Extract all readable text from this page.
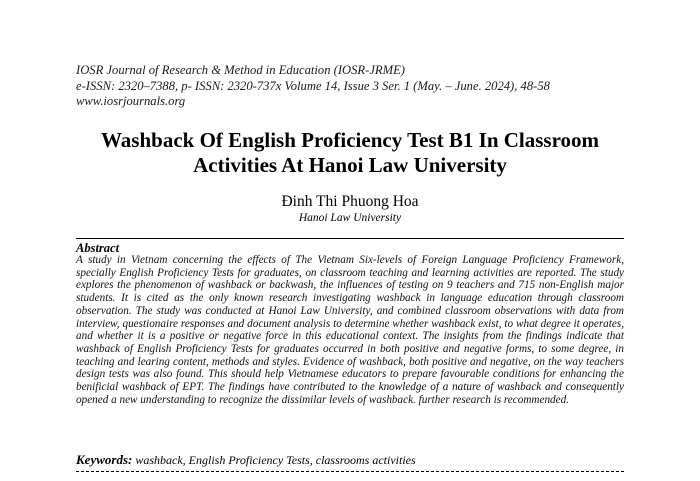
IOSR Journal of Research & Method in Education (IOSR-JRME)
e-ISSN: 2320–7388, p- ISSN: 2320-737x Volume 14, Issue 3 Ser. 1 (May. – June. 2024), 48-58
www.iosrjournals.org
Washback Of English Proficiency Test B1 In Classroom
Activities At Hanoi Law University
Đinh Thi Phuong Hoa
Hanoi Law University
Abstract
A study in Vietnam concerning the effects of The Vietnam Six-levels of Foreign Language Proficiency Framework, specially English Proficiency Tests for graduates, on classroom teaching and learning activities are reported. The study explores the phenomenon of washback or backwash, the influences of testing on 9 teachers and 715 non-English major students. It is cited as the only known research investigating washback in language education through classroom observation. The study was conducted at Hanoi Law University, and combined classroom observations with data from interview, questionaire responses and document analysis to determine whether washback exist, to what degree it operates, and whether it is a positive or negative force in this educational context. The insights from the findings indicate that washback of English Proficiency Tests for graduates occurred in both positive and negative forms, to some degree, in teaching and learing content, methods and styles. Evidence of washback, both positive and negative, on the way teachers design tests was also found. This should help Vietnamese educators to prepare favourable conditions for enhancing the benificial washback of EPT. The findings have contributed to the knowledge of a nature of washback and consequently opened a new understanding to recognize the dissimilar levels of washback. further research is recommended.
Keywords: washback, English Proficiency Tests, classrooms activities
